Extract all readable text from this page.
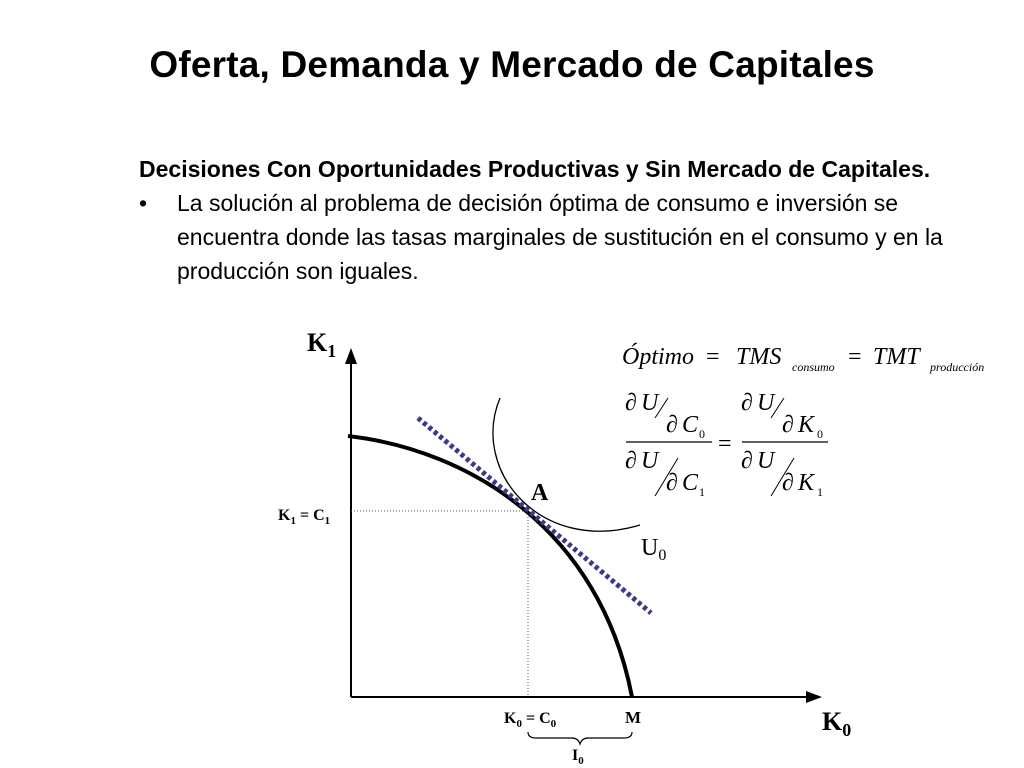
Oferta, Demanda y Mercado de Capitales

Decisiones Con Oportunidades Productivas y Sin Mercado de Capitales.

•	La solución al problema de decisión óptima de consumo e inversión se encuentra donde las tasas marginales de sustitución en el consumo y en la producción son iguales.
$K_1$
$K_0$
A
$U_0$
$K_1 = C_1$
$K_0 = C_0$	M
$I_0$
Óptimo = TMS consumo = TMT producción
∂ U
∂ C 0
∂ U
∂ C 1
=
∂ U
∂ K 0
∂ U
∂ K 1
